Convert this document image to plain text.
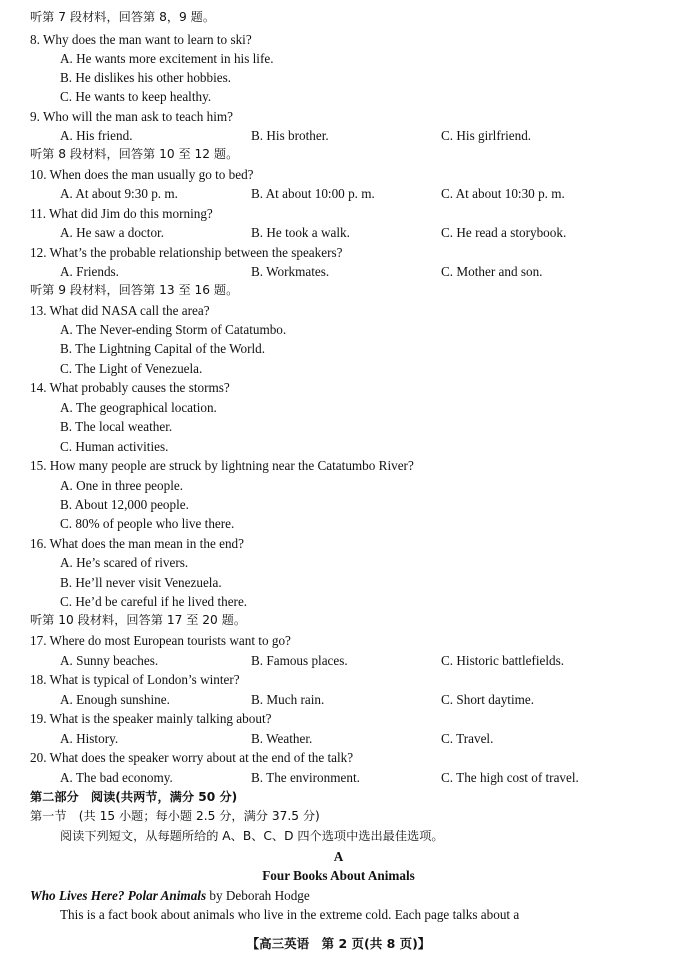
听第 7 段材料，回答第 8，9 题。
8. Why does the man want to learn to ski?
A. He wants more excitement in his life.
B. He dislikes his other hobbies.
C. He wants to keep healthy.
9. Who will the man ask to teach him?
A. His friend.	B. His brother.	C. His girlfriend.
听第 8 段材料，回答第 10 至 12 题。
10. When does the man usually go to bed?
A. At about 9:30 p. m.	B. At about 10:00 p. m.	C. At about 10:30 p. m.
11. What did Jim do this morning?
A. He saw a doctor.	B. He took a walk.	C. He read a storybook.
12. What’s the probable relationship between the speakers?
A. Friends.	B. Workmates.	C. Mother and son.
听第 9 段材料，回答第 13 至 16 题。
13. What did NASA call the area?
A. The Never-ending Storm of Catatumbo.
B. The Lightning Capital of the World.
C. The Light of Venezuela.
14. What probably causes the storms?
A. The geographical location.
B. The local weather.
C. Human activities.
15. How many people are struck by lightning near the Catatumbo River?
A. One in three people.
B. About 12,000 people.
C. 80% of people who live there.
16. What does the man mean in the end?
A. He’s scared of rivers.
B. He’ll never visit Venezuela.
C. He’d be careful if he lived there.
听第 10 段材料，回答第 17 至 20 题。
17. Where do most European tourists want to go?
A. Sunny beaches.	B. Famous places.	C. Historic battlefields.
18. What is typical of London’s winter?
A. Enough sunshine.	B. Much rain.	C. Short daytime.
19. What is the speaker mainly talking about?
A. History.	B. Weather.	C. Travel.
20. What does the speaker worry about at the end of the talk?
A. The bad economy.	B. The environment.	C. The high cost of travel.
第二部分　阅读(共两节，满分 50 分)
第一节　(共 15 小题；每小题 2.5 分，满分 37.5 分)
阅读下列短文，从每题所给的 A、B、C、D 四个选项中选出最佳选项。
A
Four Books About Animals
Who Lives Here? Polar Animals by Deborah Hodge
This is a fact book about animals who live in the extreme cold. Each page talks about a
【高三英语　第 2 页(共 8 页)】
